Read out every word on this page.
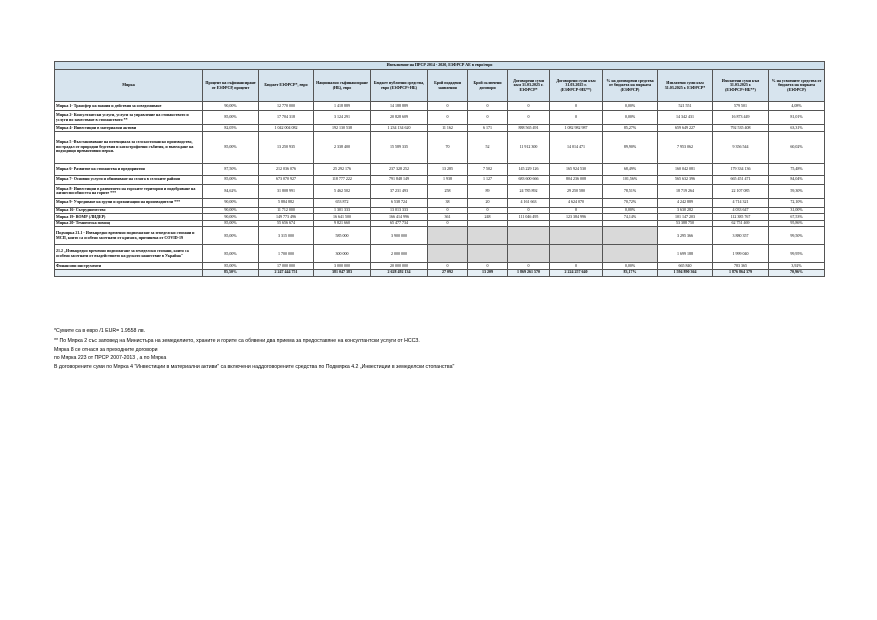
Изпълнение на ПРСР 2014 - 2020, ЕЗФРСР АЕ в евро/евро												
Мярка	Процент на съфинансиране от ЕЗФРСР, процент	Бюджет ЕЗФРСР*, евро	Национално съфинансиране (НБ), евро	Бюджет публични средства, евро (ЕЗФРСР+НБ)	Брой подадени заявления	Брой сключени договори	Договорени суми към 31.03.2025 г. ЕЗФРСР*	Договорени суми към 31.03.2025 г. (ЕЗФРСР+НБ**)	% на договорени средства от бюджета на мярката (ЕЗФРСР)	Изплатени суми към 31.03.2025 г. ЕЗФРСР*	Изплатени суми към 31.03.2025 г. (ЕЗФРСР+НБ**)	% на усвоените средства от бюджета на мярката (ЕЗФРСР)
Мярка 1- Трансфер на знания и действия за осведомяване	90,00%	12 770 000	1 418 889	14 188 889	0	0	0	0	0,00%	521 551	579 501	4,08%
Мярка 2- Консултантски услуги, услуги за управление на стопанството и услуги по заместване в стопанството **	85,00%	17 704 318	3 124 291	20 828 609	0	0	0	0	0,00%	14 342 431	16 873 449	81,01%
Мярка 4- Инвестиции в материални активи	82,05%	1 042 004 082	192 130 538	1 234 134 620	11 162	6 171	888 565 491	1 082 982 987	85,27%	659 649 227	792 535 408	63,31%
Мярка 5 -Възстановяване на потенциала за селскостопанско производство, пострадал от природни бедствия и катастрофични събития, и въвеждане на подходящи превантивни мерки.	85,00%	13 250 935	2 338 400	15 589 335	70	52	11 912 300	14 014 471	89,90%	7 953 062	9 356 544	60,02%
Мярка 6- Развитие на стопанства и предприятия	87,50%	212 036 076	25 292 176	237 328 252	13 285	7 502	145 229 126	165 924 530	68,49%	160 042 081	179 334 136	75,48%
Мярка 7- Основни услуги и обновяване на селата в селските райони	85,00%	673 070 927	118 777 222	791 848 149	1 938	1 127	683 600 666	804 236 008	101,56%	565 632 396	665 451 471	84,04%
Мярка 8- Инвестиции в развитието на горските територии и подобряване на жизнеспособността на горите ***	84,62%	31 808 991	5 462 502	37 231 493	258	89	24 785 892	29 250 580	78,51%	18 719 264	22 107 085	59,30%
Мярка 9- Учредяване на групи и организации на производители ***	90,00%	5 884 882	653 872	6 538 724	38	20	4 161 663	4 624 070	70,72%	4 242 889	4 714 321	72,10%
Мярка 16- Сътрудничество	90,00%	11 712 000	1 301 333	13 013 333	0	0	0	0	0,00%	3 630 282	4 033 647	31,00%
Мярка 19- ВОМР (ЛИДЕР)	90,00%	149 773 496	16 641 500	166 414 996	361	248	111 046 495	123 384 996	74,14%	101 147 203	112 385 767	67,53%
Мярка 20- Техническа помощ	85,00%	55 656 674	9 821 660	65 477 734	0					53 388 750	62 751 469	95,86%
Подмярка 21.1 - Извънредно временно подпомагане за земеделски стопани и МСП, които са особено засегнати от кризата, причинена от COVID-19	85,00%	3 315 000	585 000	3 900 000						3 295 366	3 880 357	99,50%
21.2 „Извънредно временно подпомагане за земеделски стопани, които са особено засегнати от въздействието на руското нашествие в Украйна"	85,00%	1 700 000	300 000	2 000 000						1 699 188	1 999 040	99,95%
Финансови инструменти	85,00%	17 000 000	3 000 000	20 000 000	0	0	0	0	0,00%	665 840	783 365	3,92%
	85,50%	2 247 444 751	381 047 383	2 628 492 134	27 092	13 209	1 869 261 570	2 224 257 640	83,17%	1 594 890 364	1 876 864 379	70,96%
*Сумите са в евро /1 EUR= 1.9558 лв.
** По Мярка 2 със заповед на Министъра на земеделието, храните и горите са обявени два приема за предоставяне на консултантски услуги от НССЗ.
Мярка 8 се отнася за преходните договори
по Мярка 223 от ПРСР 2007-2013 , а по Мярка
В договорените суми по Мярка 4 "Инвестиции в материални активи" са включени наддоговорените средства по Подмярка 4.2 „Инвестиции в земеделски стопанства"
